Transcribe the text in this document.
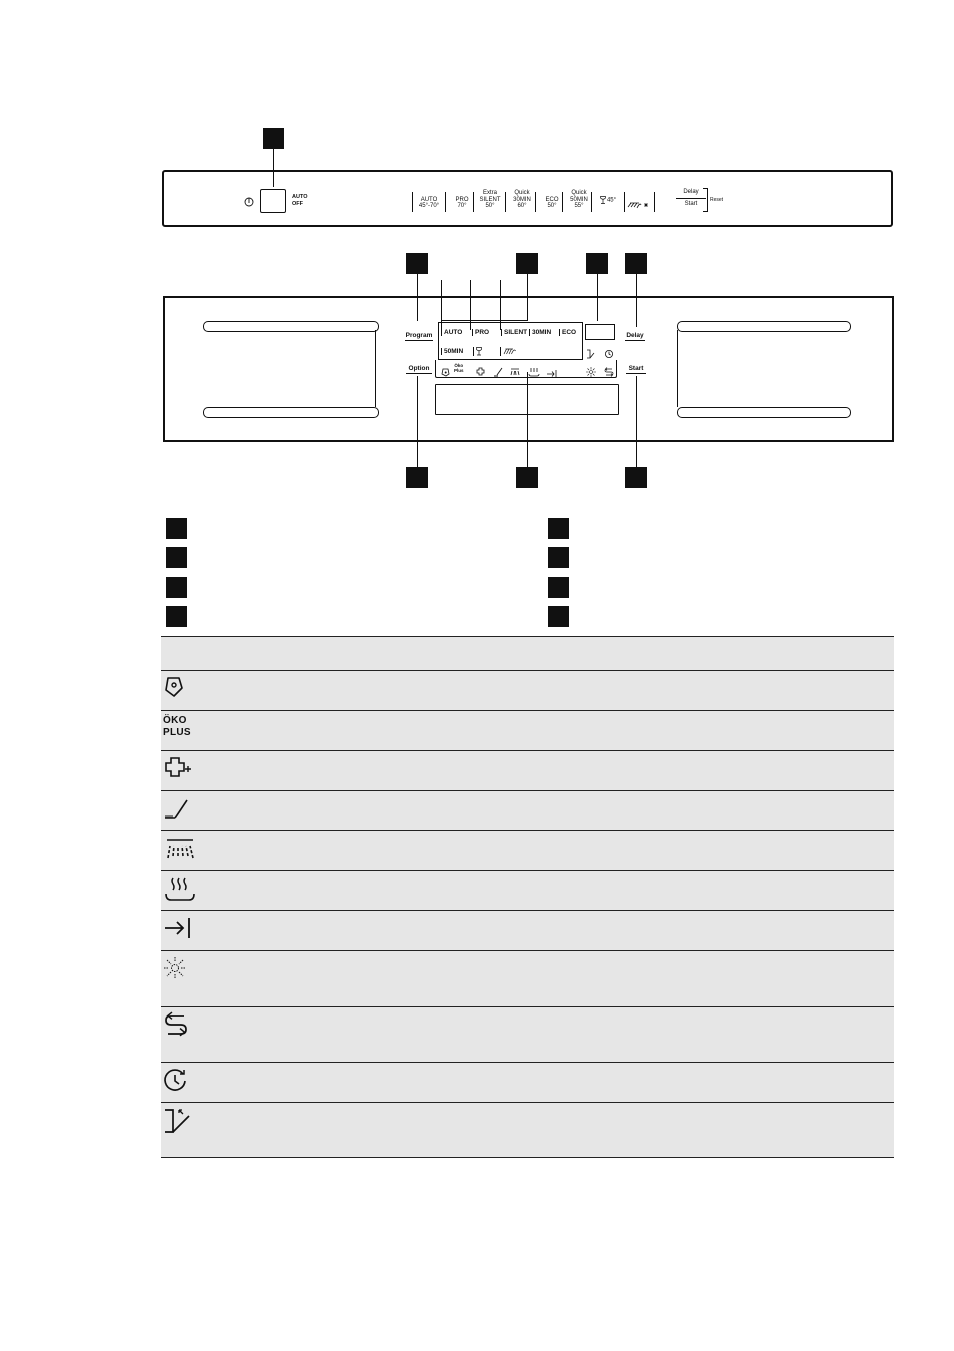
AUTO
OFF
AUTO
45°-70°
PRO
70°
Extra
SILENT
50°
Quick
30MIN
60°
ECO
50°
Quick
50MIN
55°
45°
Delay
Start
Reset
Program
Option
Delay
Start
AUTO	PRO	SILENT 30MIN	ECO
50MIN
Öko
Plus
ÖKO
PLUS
